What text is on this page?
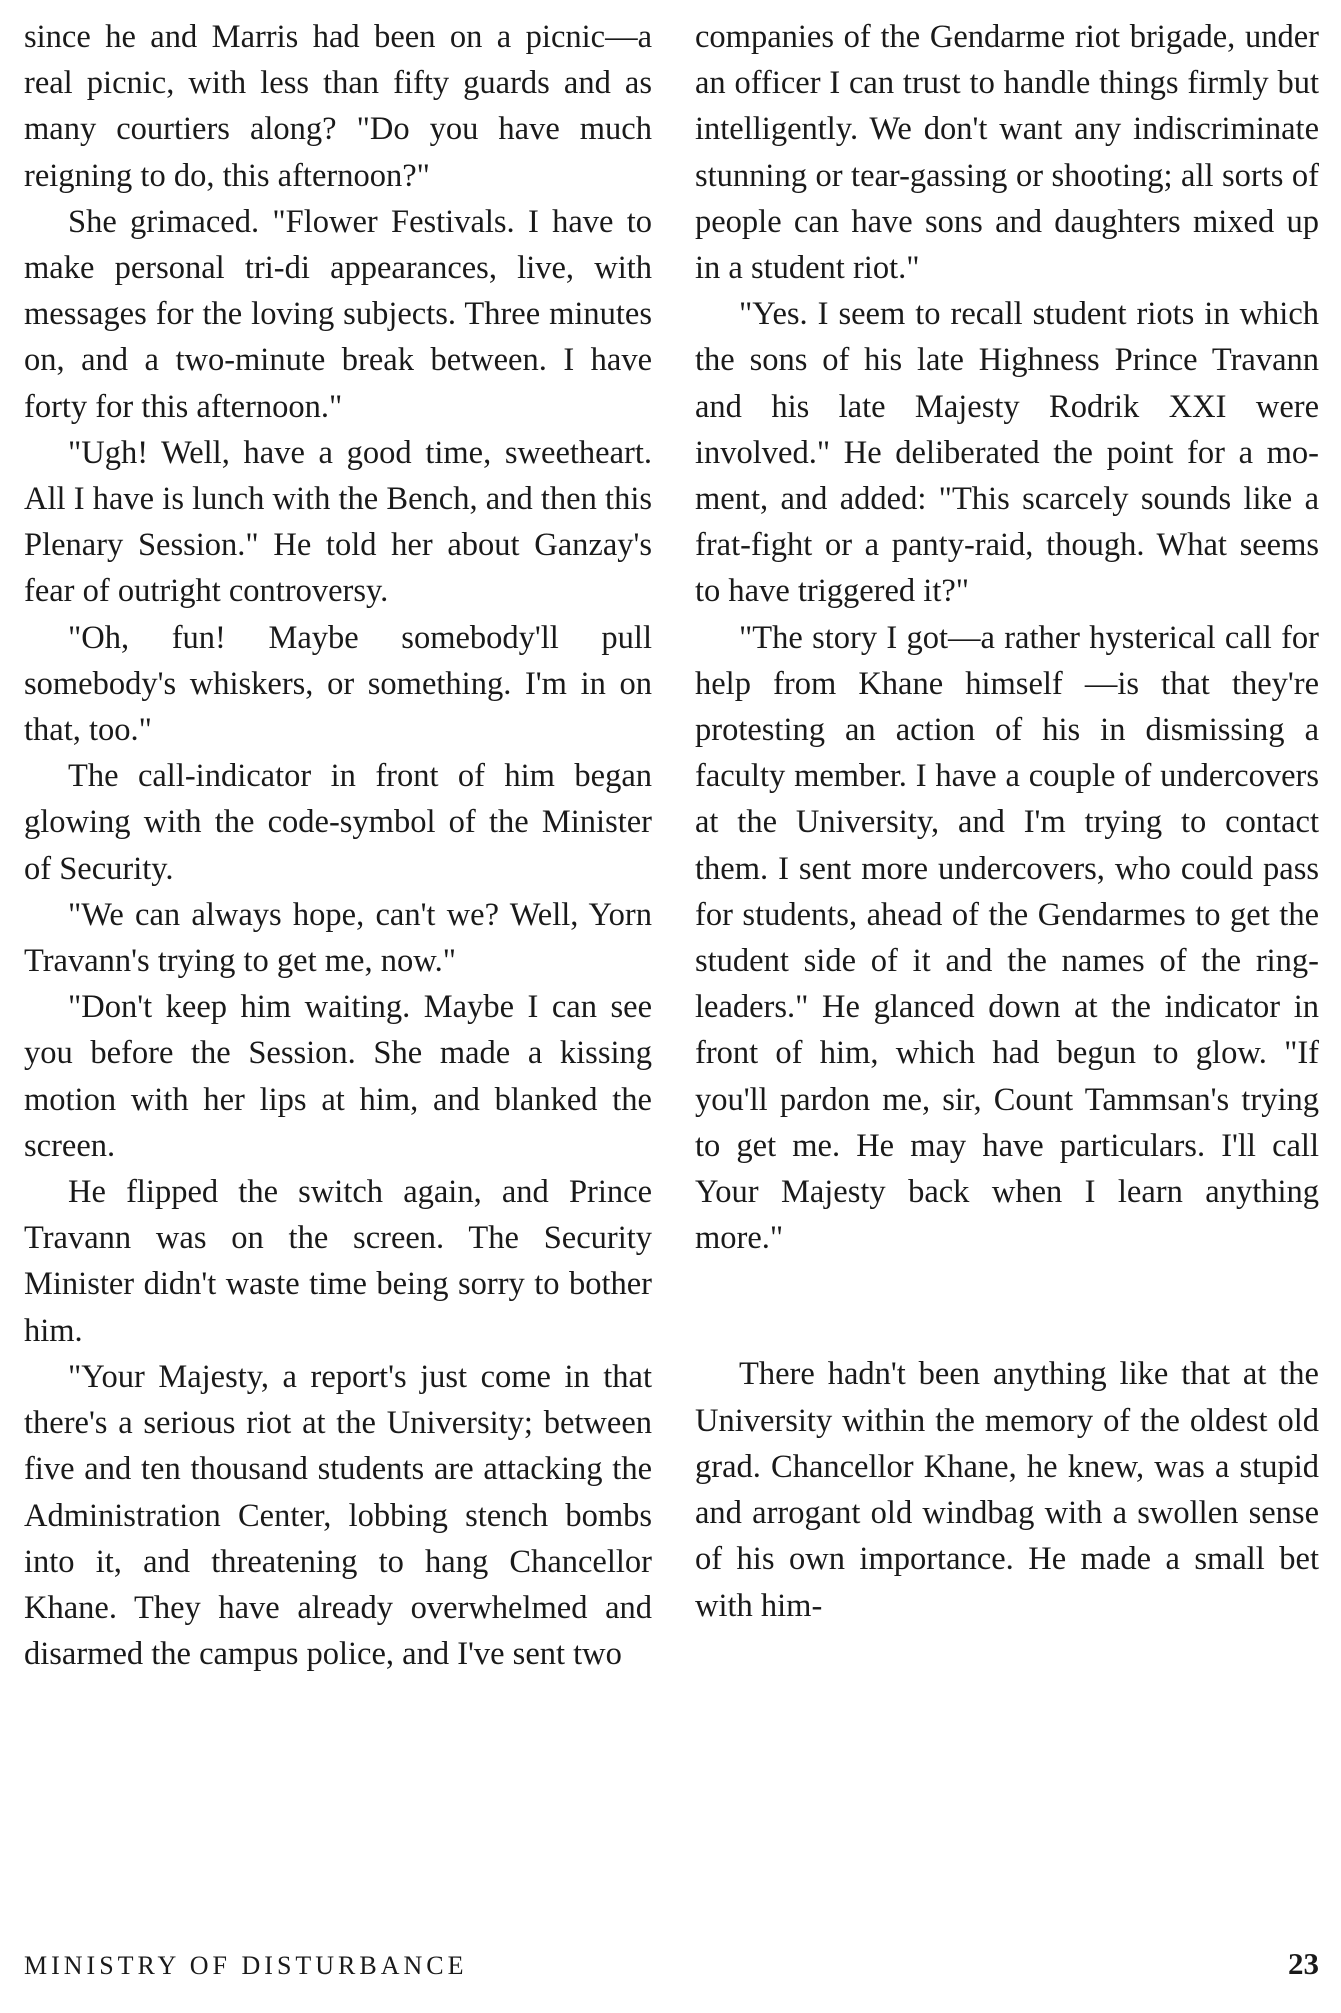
since he and Marris had been on a picnic—a real picnic, with less than fifty guards and as many courtiers along? "Do you have much reigning to do, this afternoon?"

She grimaced. "Flower Festivals. I have to make personal tri-di appearances, live, with messages for the loving subjects. Three minutes on, and a two-minute break between. I have forty for this afternoon."

"Ugh! Well, have a good time, sweetheart. All I have is lunch with the Bench, and then this Plenary Session." He told her about Ganzay's fear of outright controversy.

"Oh, fun! Maybe somebody'll pull somebody's whiskers, or something. I'm in on that, too."

The call-indicator in front of him began glowing with the code-symbol of the Minister of Security.

"We can always hope, can't we? Well, Yorn Travann's trying to get me, now."

"Don't keep him waiting. Maybe I can see you before the Session. She made a kissing motion with her lips at him, and blanked the screen.

He flipped the switch again, and Prince Travann was on the screen. The Security Minister didn't waste time being sorry to bother him.

"Your Majesty, a report's just come in that there's a serious riot at the University; between five and ten thousand students are attacking the Administration Center, lobbing stench bombs into it, and threatening to hang Chancellor Khane. They have already overwhelmed and disarmed the campus police, and I've sent two

companies of the Gendarme riot brigade, under an officer I can trust to handle things firmly but intelligently. We don't want any indiscriminate stunning or tear-gassing or shooting; all sorts of people can have sons and daughters mixed up in a student riot."

"Yes. I seem to recall student riots in which the sons of his late Highness Prince Travann and his late Majesty Rodrik XXI were involved." He deliberated the point for a moment, and added: "This scarcely sounds like a frat-fight or a panty-raid, though. What seems to have triggered it?"

"The story I got—a rather hysterical call for help from Khane himself —is that they're protesting an action of his in dismissing a faculty member. I have a couple of undercovers at the University, and I'm trying to contact them. I sent more undercovers, who could pass for students, ahead of the Gendarmes to get the student side of it and the names of the ringleaders." He glanced down at the indicator in front of him, which had begun to glow. "If you'll pardon me, sir, Count Tammsan's trying to get me. He may have particulars. I'll call Your Majesty back when I learn anything more."

There hadn't been anything like that at the University within the memory of the oldest old grad. Chancellor Khane, he knew, was a stupid and arrogant old windbag with a swollen sense of his own importance. He made a small bet with him-

MINISTRY OF DISTURBANCE	23
